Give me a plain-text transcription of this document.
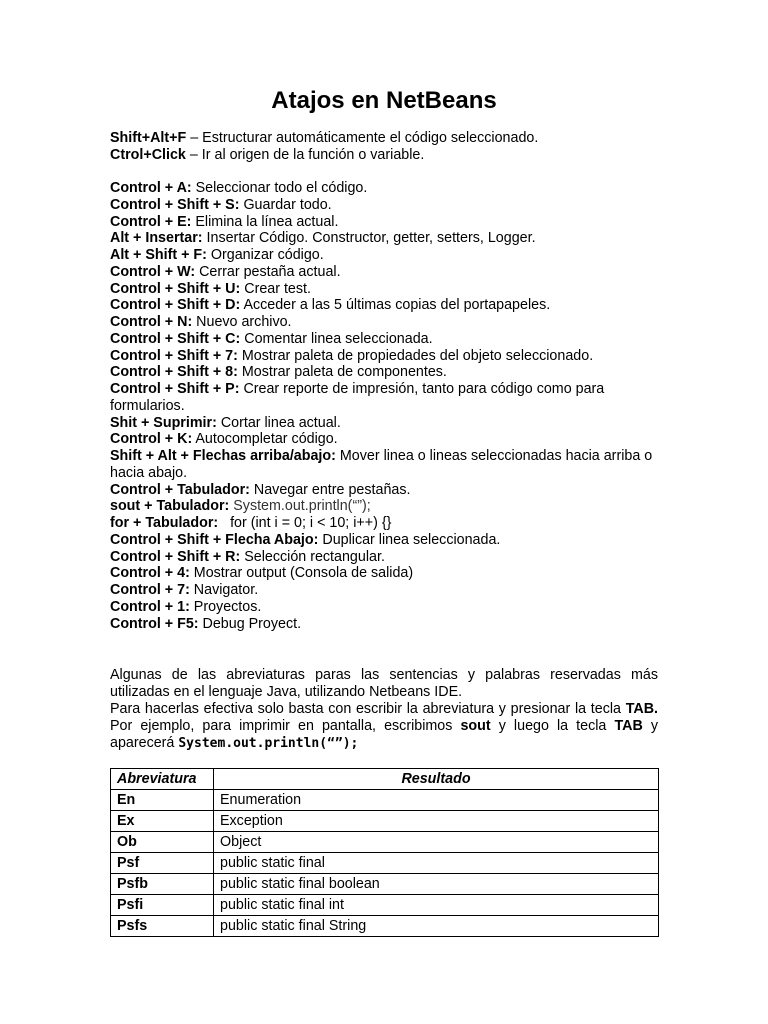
Atajos en NetBeans
Shift+Alt+F – Estructurar automáticamente el código seleccionado.
Ctrol+Click – Ir al origen de la función o variable.
Control + A: Seleccionar todo el código.
Control + Shift + S: Guardar todo.
Control + E: Elimina la línea actual.
Alt + Insertar: Insertar Código. Constructor, getter, setters, Logger.
Alt + Shift + F: Organizar código.
Control + W: Cerrar pestaña actual.
Control + Shift + U: Crear test.
Control + Shift + D: Acceder a las 5 últimas copias del portapapeles.
Control + N: Nuevo archivo.
Control + Shift + C: Comentar linea seleccionada.
Control + Shift + 7: Mostrar paleta de propiedades del objeto seleccionado.
Control + Shift + 8: Mostrar paleta de componentes.
Control + Shift + P: Crear reporte de impresión, tanto para código como para formularios.
Shit + Suprimir: Cortar linea actual.
Control + K: Autocompletar código.
Shift + Alt + Flechas arriba/abajo: Mover linea o lineas seleccionadas hacia arriba o hacia abajo.
Control + Tabulador: Navegar entre pestañas.
sout + Tabulador: System.out.println(“”);
for + Tabulador:   for (int i = 0; i < 10; i++) {}
Control + Shift + Flecha Abajo: Duplicar linea seleccionada.
Control + Shift + R: Selección rectangular.
Control + 4: Mostrar output (Consola de salida)
Control + 7: Navigator.
Control + 1: Proyectos.
Control + F5: Debug Proyect.
Algunas de las abreviaturas paras las sentencias y palabras reservadas más utilizadas en el lenguaje Java, utilizando Netbeans IDE.
Para hacerlas efectiva solo basta con escribir la abreviatura y presionar la tecla TAB. Por ejemplo, para imprimir en pantalla, escribimos sout y luego la tecla TAB y aparecerá System.out.println(“”);
Abreviatura	Resultado
En	Enumeration
Ex	Exception
Ob	Object
Psf	public static final
Psfb	public static final boolean
Psfi	public static final int
Psfs	public static final String
